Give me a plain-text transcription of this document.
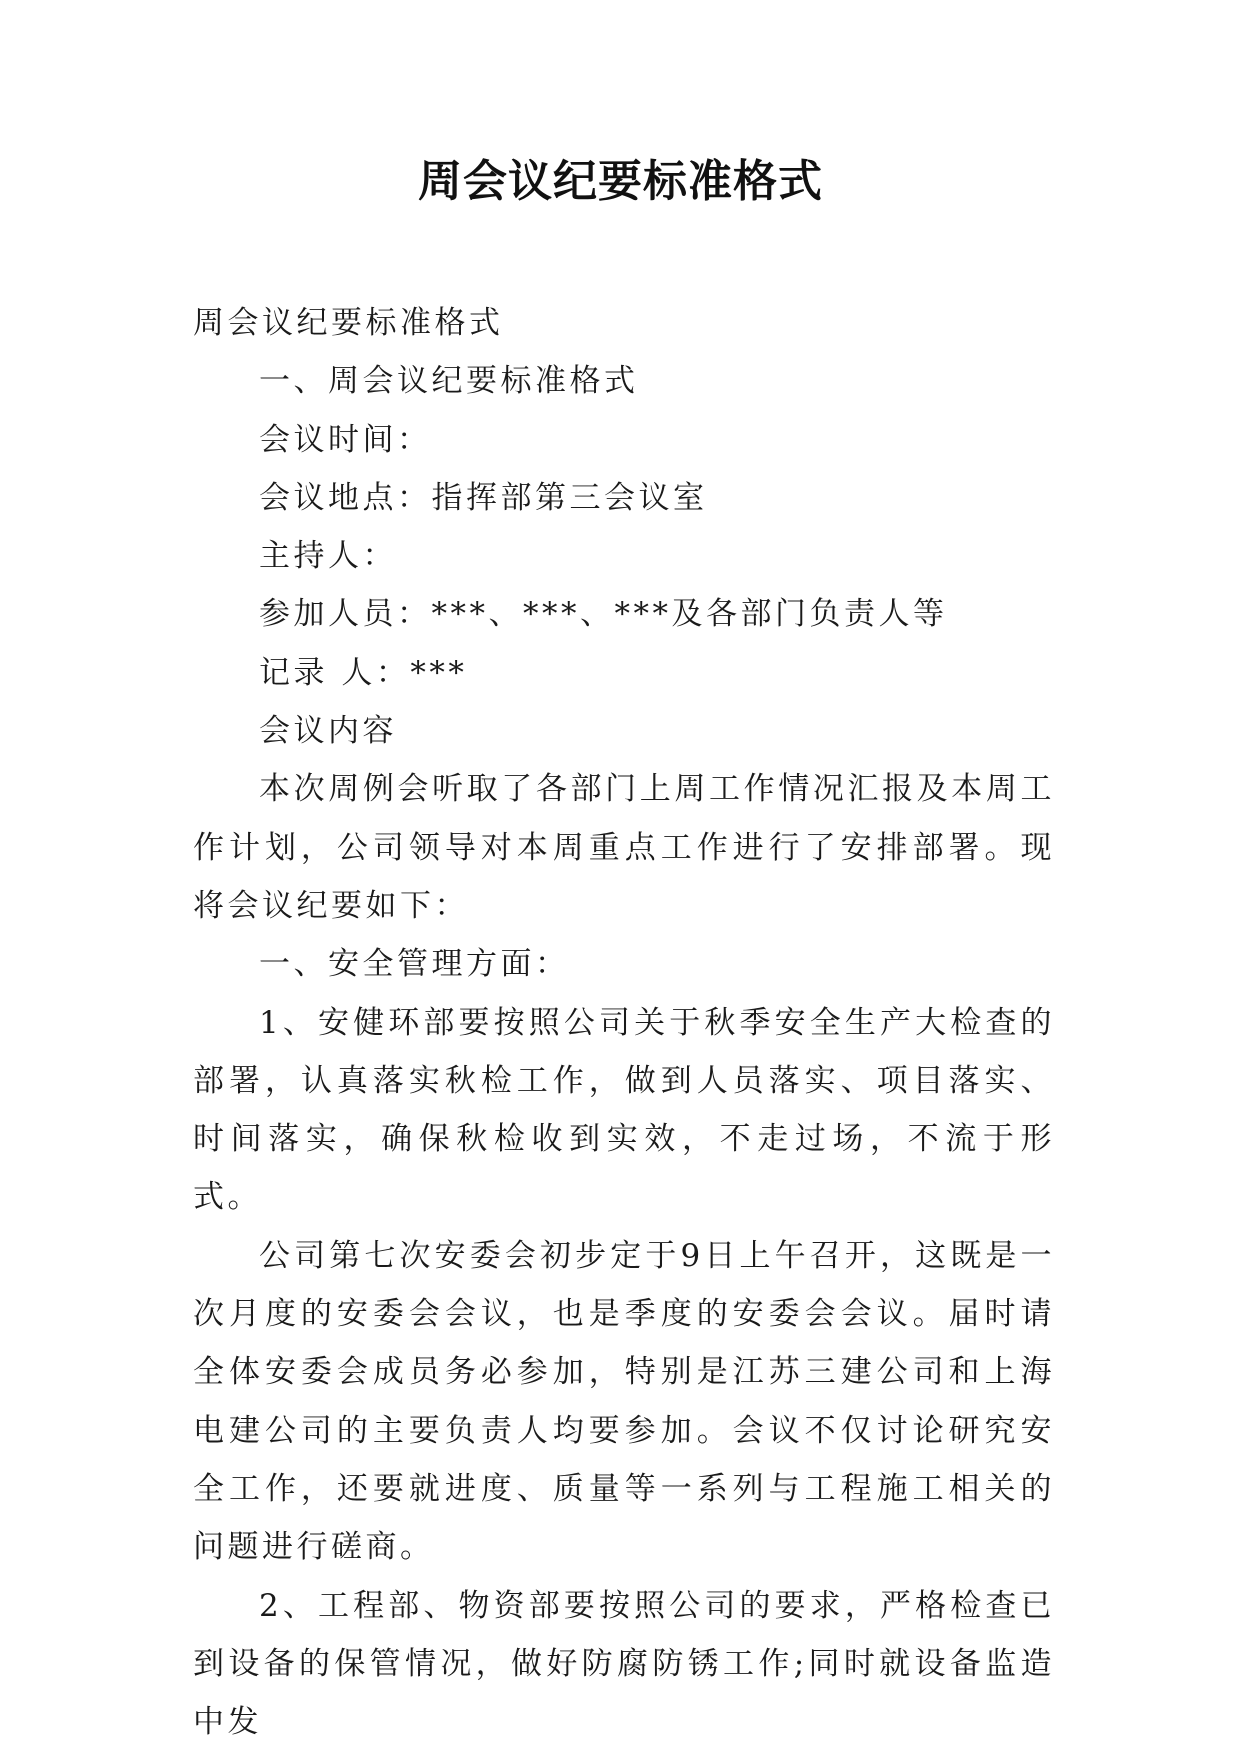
周会议纪要标准格式

周会议纪要标准格式

一、周会议纪要标准格式

会议时间：

会议地点：指挥部第三会议室

主持人：

参加人员：***、***、***及各部门负责人等

记录 人：***

会议内容

本次周例会听取了各部门上周工作情况汇报及本周工作计划，公司领导对本周重点工作进行了安排部署。现将会议纪要如下：

一、安全管理方面：

1、安健环部要按照公司关于秋季安全生产大检查的部署，认真落实秋检工作，做到人员落实、项目落实、时间落实，确保秋检收到实效，不走过场，不流于形式。

公司第七次安委会初步定于9日上午召开，这既是一次月度的安委会会议，也是季度的安委会会议。届时请全体安委会成员务必参加，特别是江苏三建公司和上海电建公司的主要负责人均要参加。会议不仅讨论研究安全工作，还要就进度、质量等一系列与工程施工相关的问题进行磋商。

2、工程部、物资部要按照公司的要求，严格检查已到设备的保管情况，做好防腐防锈工作;同时就设备监造中发
